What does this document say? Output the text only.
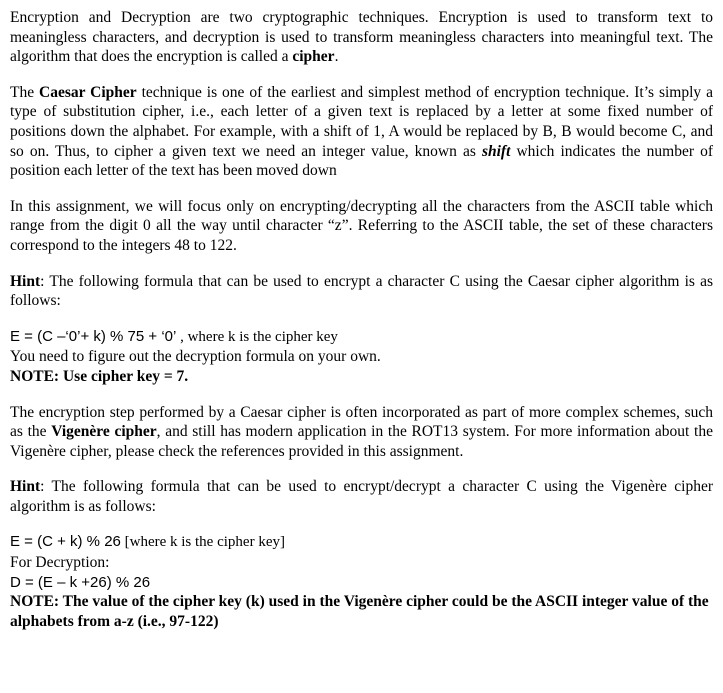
Encryption and Decryption are two cryptographic techniques. Encryption is used to transform text to meaningless characters, and decryption is used to transform meaningless characters into meaningful text. The algorithm that does the encryption is called a cipher.

The Caesar Cipher technique is one of the earliest and simplest method of encryption technique. It’s simply a type of substitution cipher, i.e., each letter of a given text is replaced by a letter at some fixed number of positions down the alphabet. For example, with a shift of 1, A would be replaced by B, B would become C, and so on. Thus, to cipher a given text we need an integer value, known as shift which indicates the number of position each letter of the text has been moved down

In this assignment, we will focus only on encrypting/decrypting all the characters from the ASCII table which range from the digit 0 all the way until character “z”. Referring to the ASCII table, the set of these characters correspond to the integers 48 to 122.

Hint: The following formula that can be used to encrypt a character C using the Caesar cipher algorithm is as follows:

E = (C –‘0’+ k) % 75 + ‘0’ , where k is the cipher key

You need to figure out the decryption formula on your own.

NOTE: Use cipher key = 7.

The encryption step performed by a Caesar cipher is often incorporated as part of more complex schemes, such as the Vigenère cipher, and still has modern application in the ROT13 system. For more information about the Vigenère cipher, please check the references provided in this assignment.

Hint: The following formula that can be used to encrypt/decrypt a character C using the Vigenère cipher algorithm is as follows:

E = (C + k) % 26 [where k is the cipher key]

For Decryption:

D = (E – k +26) % 26

NOTE: The value of the cipher key (k) used in the Vigenère cipher could be the ASCII integer value of the alphabets from a-z (i.e., 97-122)
